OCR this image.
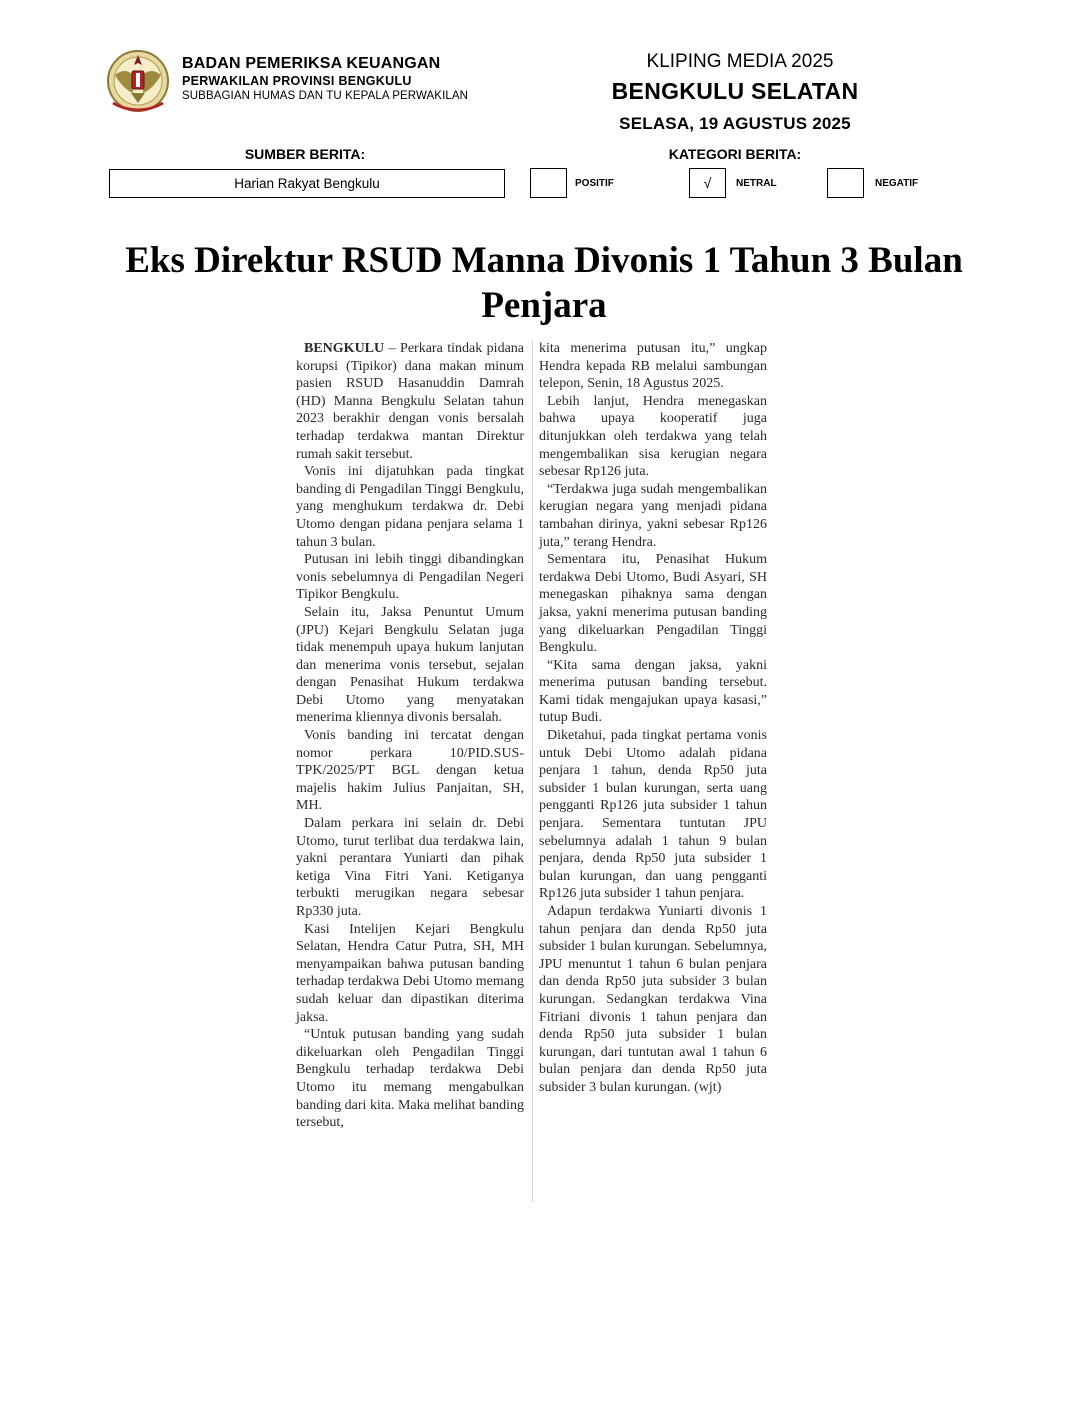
BADAN PEMERIKSA KEUANGAN
PERWAKILAN PROVINSI BENGKULU
SUBBAGIAN HUMAS DAN TU KEPALA PERWAKILAN
KLIPING MEDIA 2025
BENGKULU SELATAN
SELASA, 19 AGUSTUS 2025
SUMBER BERITA:	KATEGORI BERITA:
Harian Rakyat Bengkulu	POSITIF	√ NETRAL	NEGATIF
Eks Direktur RSUD Manna Divonis 1 Tahun 3 Bulan Penjara

BENGKULU – Perkara tindak pidana korupsi (Tipikor) dana makan minum pasien RSUD Hasanuddin Damrah (HD) Manna Bengkulu Selatan tahun 2023 berakhir dengan vonis bersalah terhadap terdakwa mantan Direktur rumah sakit tersebut.

Vonis ini dijatuhkan pada tingkat banding di Pengadilan Tinggi Bengkulu, yang menghukum terdakwa dr. Debi Utomo dengan pidana penjara selama 1 tahun 3 bulan.

Putusan ini lebih tinggi dibandingkan vonis sebelumnya di Pengadilan Negeri Tipikor Bengkulu.

Selain itu, Jaksa Penuntut Umum (JPU) Kejari Bengkulu Selatan juga tidak menempuh upaya hukum lanjutan dan menerima vonis tersebut, sejalan dengan Penasihat Hukum terdakwa Debi Utomo yang menyatakan menerima kliennya divonis bersalah.

Vonis banding ini tercatat dengan nomor perkara 10/PID.SUS-TPK/2025/PT BGL dengan ketua majelis hakim Julius Panjaitan, SH, MH.

Dalam perkara ini selain dr. Debi Utomo, turut terlibat dua terdakwa lain, yakni perantara Yuniarti dan pihak ketiga Vina Fitri Yani. Ketiganya terbukti merugikan negara sebesar Rp330 juta.

Kasi Intelijen Kejari Bengkulu Selatan, Hendra Catur Putra, SH, MH menyampaikan bahwa putusan banding terhadap terdakwa Debi Utomo memang sudah keluar dan dipastikan diterima jaksa.

“Untuk putusan banding yang sudah dikeluarkan oleh Pengadilan Tinggi Bengkulu terhadap terdakwa Debi Utomo itu memang mengabulkan banding dari kita. Maka melihat banding tersebut,

kita menerima putusan itu,” ungkap Hendra kepada RB melalui sambungan telepon, Senin, 18 Agustus 2025.

Lebih lanjut, Hendra menegaskan bahwa upaya kooperatif juga ditunjukkan oleh terdakwa yang telah mengembalikan sisa kerugian negara sebesar Rp126 juta.

“Terdakwa juga sudah mengembalikan kerugian negara yang menjadi pidana tambahan dirinya, yakni sebesar Rp126 juta,” terang Hendra.

Sementara itu, Penasihat Hukum terdakwa Debi Utomo, Budi Asyari, SH menegaskan pihaknya sama dengan jaksa, yakni menerima putusan banding yang dikeluarkan Pengadilan Tinggi Bengkulu.

“Kita sama dengan jaksa, yakni menerima putusan banding tersebut. Kami tidak mengajukan upaya kasasi,” tutup Budi.

Diketahui, pada tingkat pertama vonis untuk Debi Utomo adalah pidana penjara 1 tahun, denda Rp50 juta subsider 1 bulan kurungan, serta uang pengganti Rp126 juta subsider 1 tahun penjara. Sementara tuntutan JPU sebelumnya adalah 1 tahun 9 bulan penjara, denda Rp50 juta subsider 1 bulan kurungan, dan uang pengganti Rp126 juta subsider 1 tahun penjara.

Adapun terdakwa Yuniarti divonis 1 tahun penjara dan denda Rp50 juta subsider 1 bulan kurungan. Sebelumnya, JPU menuntut 1 tahun 6 bulan penjara dan denda Rp50 juta subsider 3 bulan kurungan. Sedangkan terdakwa Vina Fitriani divonis 1 tahun penjara dan denda Rp50 juta subsider 1 bulan kurungan, dari tuntutan awal 1 tahun 6 bulan penjara dan denda Rp50 juta subsider 3 bulan kurungan. (wjt)
